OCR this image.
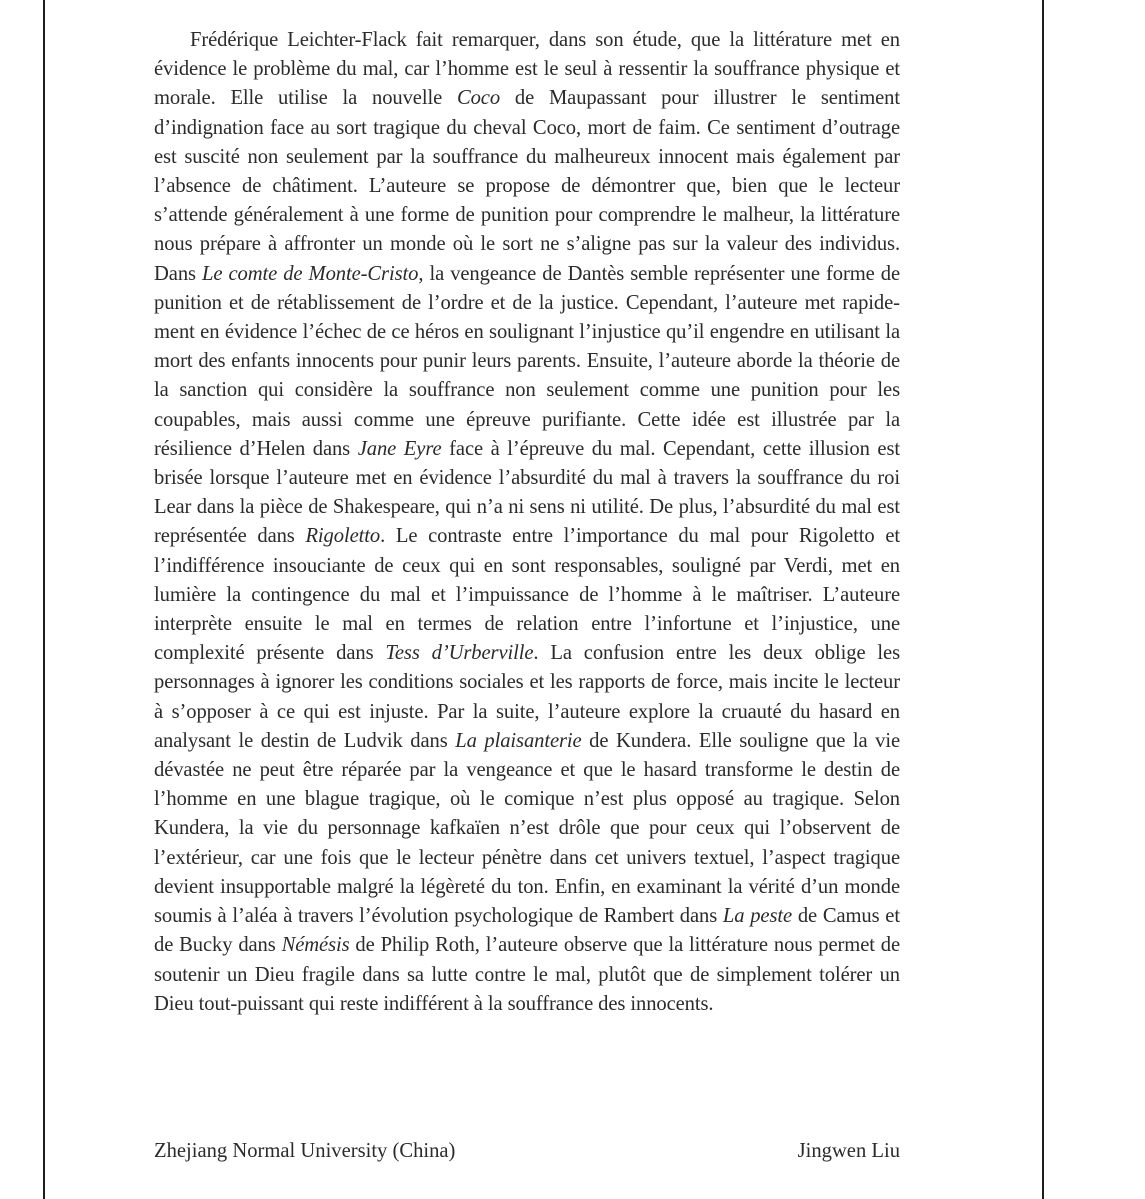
Frédérique Leichter-Flack fait remarquer, dans son étude, que la littérature met en évidence le problème du mal, car l’homme est le seul à ressentir la souffrance physique et morale. Elle utilise la nouvelle Coco de Maupassant pour illustrer le sentiment d’indignation face au sort tragique du cheval Coco, mort de faim. Ce sentiment d’outrage est suscité non seulement par la souffrance du malheureux innocent mais également par l’absence de châtiment. L’auteure se propose de démontrer que, bien que le lecteur s’attende généralement à une forme de punition pour comprendre le malheur, la littérature nous prépare à affronter un monde où le sort ne s’aligne pas sur la valeur des individus. Dans Le comte de Monte-Cristo, la vengeance de Dantès semble représenter une forme de punition et de rétablissement de l’ordre et de la justice. Cependant, l’auteure met rapidement en évidence l’échec de ce héros en soulignant l’injustice qu’il engendre en utilisant la mort des enfants innocents pour punir leurs parents. Ensuite, l’auteure aborde la théorie de la sanction qui considère la souffrance non seulement comme une punition pour les coupables, mais aussi comme une épreuve purifiante. Cette idée est illustrée par la résilience d’Helen dans Jane Eyre face à l’épreuve du mal. Cependant, cette illusion est brisée lorsque l’auteure met en évidence l’absurdité du mal à travers la souffrance du roi Lear dans la pièce de Shakespeare, qui n’a ni sens ni utilité. De plus, l’absurdité du mal est représentée dans Rigoletto. Le contraste entre l’importance du mal pour Rigoletto et l’indifférence insouciante de ceux qui en sont responsables, souligné par Verdi, met en lumière la contingence du mal et l’impuissance de l’homme à le maîtriser. L’auteure interprète ensuite le mal en termes de relation entre l’infortune et l’injustice, une complexité présente dans Tess d’Urberville. La confusion entre les deux oblige les personnages à ignorer les conditions sociales et les rapports de force, mais incite le lecteur à s’opposer à ce qui est injuste. Par la suite, l’auteure explore la cruauté du hasard en analysant le destin de Ludvik dans La plaisanterie de Kundera. Elle souligne que la vie dévastée ne peut être réparée par la vengeance et que le hasard transforme le destin de l’homme en une blague tragique, où le comique n’est plus opposé au tragique. Selon Kundera, la vie du personnage kafkaïen n’est drôle que pour ceux qui l’observent de l’extérieur, car une fois que le lecteur pénètre dans cet univers textuel, l’aspect tragique devient insupportable malgré la légèreté du ton. Enfin, en examinant la vérité d’un monde soumis à l’aléa à travers l’évolution psychologique de Rambert dans La peste de Camus et de Bucky dans Némésis de Philip Roth, l’auteure observe que la littérature nous permet de soutenir un Dieu fragile dans sa lutte contre le mal, plutôt que de simplement tolérer un Dieu tout-puissant qui reste indifférent à la souffrance des innocents.

Zhejiang Normal University (China)	Jingwen Liu
